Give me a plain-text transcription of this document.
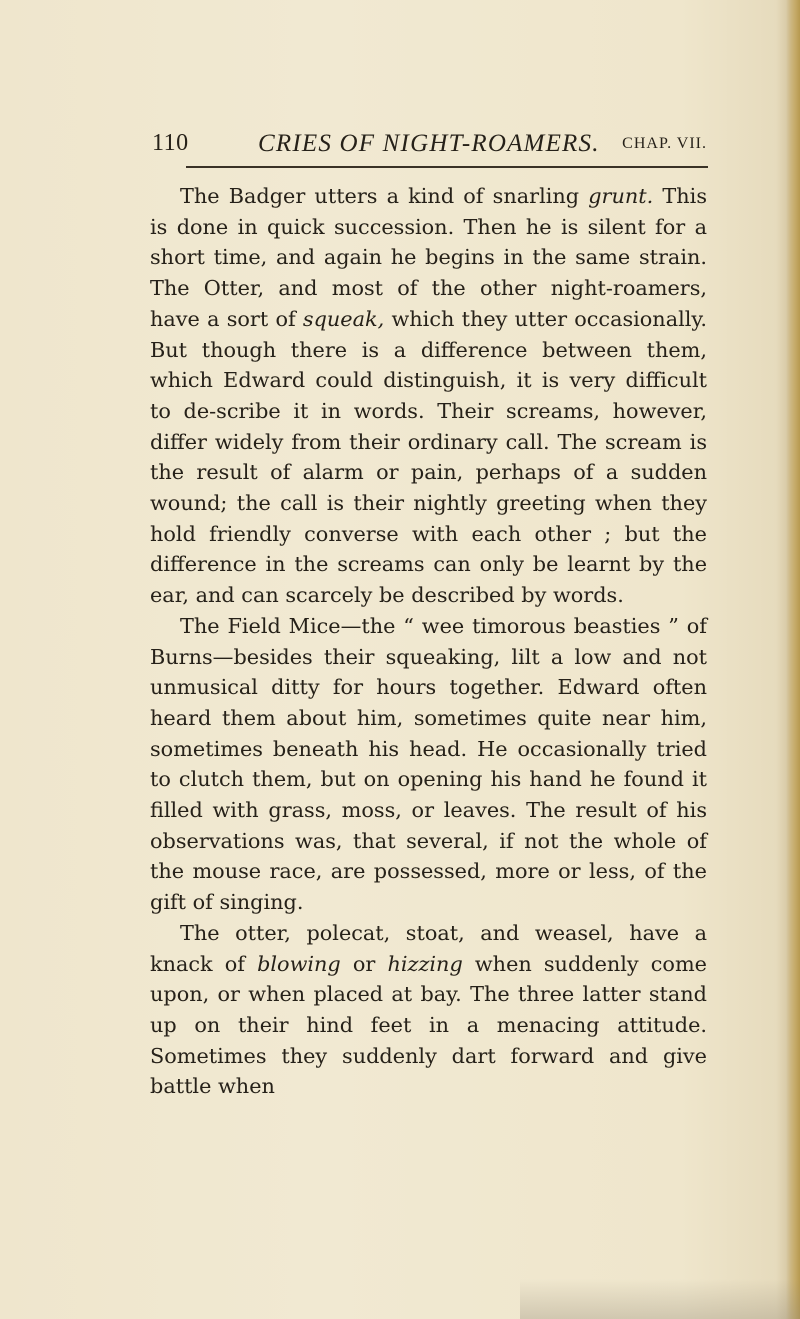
110	CRIES OF NIGHT-ROAMERS. CHAP. VII.

The Badger utters a kind of snarling grunt. This is done in quick succession. Then he is silent for a short time, and again he begins in the same strain. The Otter, and most of the other night-roamers, have a sort of squeak, which they utter occasionally. But though there is a difference between them, which Edward could distinguish, it is very difficult to de-scribe it in words. Their screams, however, differ widely from their ordinary call. The scream is the result of alarm or pain, perhaps of a sudden wound; the call is their nightly greeting when they hold friendly converse with each other ; but the difference in the screams can only be learnt by the ear, and can scarcely be described by words.

The Field Mice—the “ wee timorous beasties ” of Burns—besides their squeaking, lilt a low and not unmusical ditty for hours together. Edward often heard them about him, sometimes quite near him, sometimes beneath his head. He occasionally tried to clutch them, but on opening his hand he found it filled with grass, moss, or leaves. The result of his observations was, that several, if not the whole of the mouse race, are possessed, more or less, of the gift of singing.

The otter, polecat, stoat, and weasel, have a knack of blowing or hizzing when suddenly come upon, or when placed at bay. The three latter stand up on their hind feet in a menacing attitude. Sometimes they suddenly dart forward and give battle when
